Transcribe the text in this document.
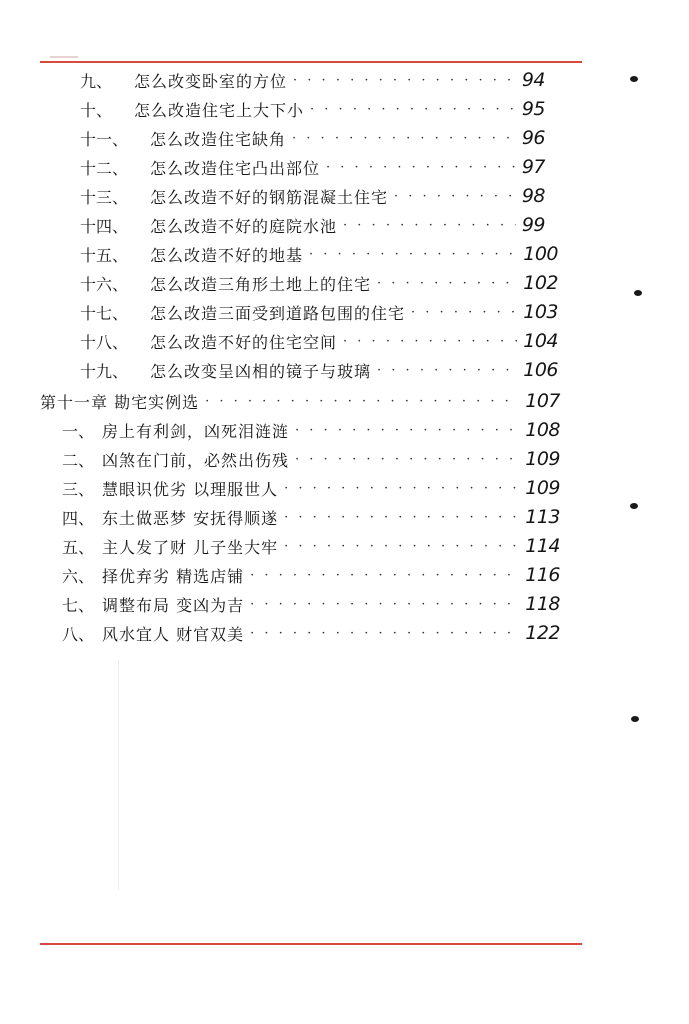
九、 怎么改变卧室的方位 · · ·	94
十、 怎么改造住宅上大下小 · · ·	95
十一、 怎么改造住宅缺角 · · ·	96
十二、 怎么改造住宅凸出部位 · · ·	97
十三、 怎么改造不好的钢筋混凝土住宅 · · ·	98
十四、 怎么改造不好的庭院水池 · · ·	99
十五、 怎么改造不好的地基 · · ·	100
十六、 怎么改造三角形土地上的住宅 · · ·	102
十七、 怎么改造三面受到道路包围的住宅 · · ·	103
十八、 怎么改造不好的住宅空间 · · ·	104
十九、 怎么改变呈凶相的镜子与玻璃 · · ·	106
第十一章 勘宅实例选 · · ·	107
一、 房上有利剑，凶死泪涟涟 · · ·	108
二、 凶煞在门前，必然出伤残 · · ·	109
三、 慧眼识优劣 以理服世人 · · ·	109
四、 东土做恶梦 安抚得顺遂 · · ·	113
五、 主人发了财 儿子坐大牢 · · ·	114
六、 择优弃劣 精选店铺 · · ·	116
七、 调整布局 变凶为吉 · · ·	118
八、 风水宜人 财官双美 · · ·	122
